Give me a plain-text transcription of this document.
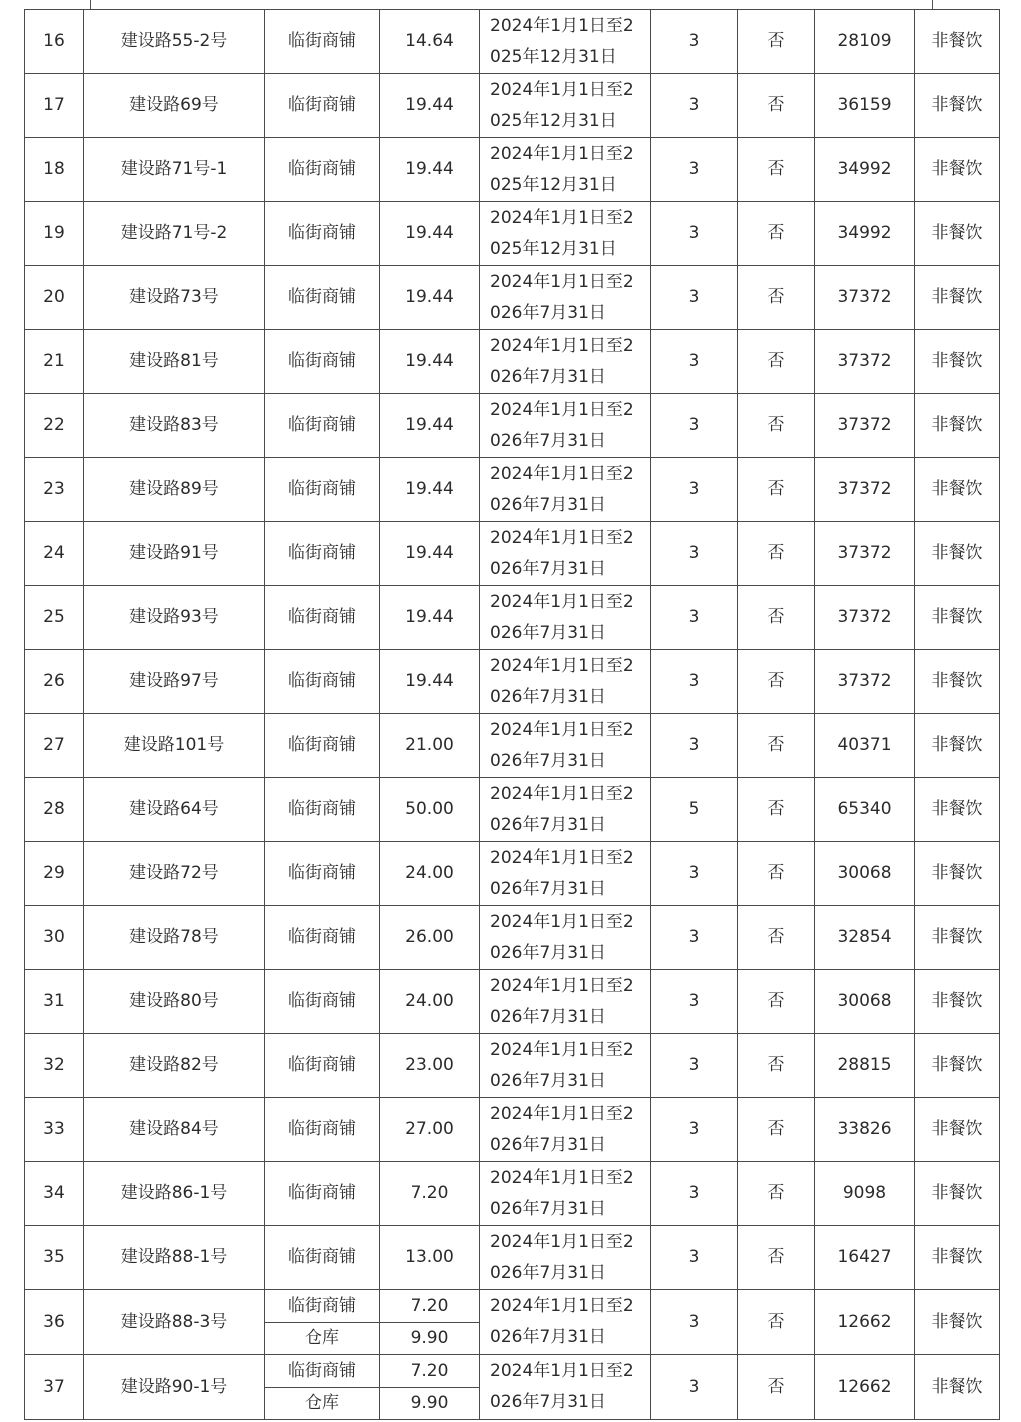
16	建设路55-2号	临街商铺	14.64	2024年1月1日至2
025年12月31日	3	否	28109	非餐饮
17	建设路69号	临街商铺	19.44	2024年1月1日至2
025年12月31日	3	否	36159	非餐饮
18	建设路71号-1	临街商铺	19.44	2024年1月1日至2
025年12月31日	3	否	34992	非餐饮
19	建设路71号-2	临街商铺	19.44	2024年1月1日至2
025年12月31日	3	否	34992	非餐饮
20	建设路73号	临街商铺	19.44	2024年1月1日至2
026年7月31日	3	否	37372	非餐饮
21	建设路81号	临街商铺	19.44	2024年1月1日至2
026年7月31日	3	否	37372	非餐饮
22	建设路83号	临街商铺	19.44	2024年1月1日至2
026年7月31日	3	否	37372	非餐饮
23	建设路89号	临街商铺	19.44	2024年1月1日至2
026年7月31日	3	否	37372	非餐饮
24	建设路91号	临街商铺	19.44	2024年1月1日至2
026年7月31日	3	否	37372	非餐饮
25	建设路93号	临街商铺	19.44	2024年1月1日至2
026年7月31日	3	否	37372	非餐饮
26	建设路97号	临街商铺	19.44	2024年1月1日至2
026年7月31日	3	否	37372	非餐饮
27	建设路101号	临街商铺	21.00	2024年1月1日至2
026年7月31日	3	否	40371	非餐饮
28	建设路64号	临街商铺	50.00	2024年1月1日至2
026年7月31日	5	否	65340	非餐饮
29	建设路72号	临街商铺	24.00	2024年1月1日至2
026年7月31日	3	否	30068	非餐饮
30	建设路78号	临街商铺	26.00	2024年1月1日至2
026年7月31日	3	否	32854	非餐饮
31	建设路80号	临街商铺	24.00	2024年1月1日至2
026年7月31日	3	否	30068	非餐饮
32	建设路82号	临街商铺	23.00	2024年1月1日至2
026年7月31日	3	否	28815	非餐饮
33	建设路84号	临街商铺	27.00	2024年1月1日至2
026年7月31日	3	否	33826	非餐饮
34	建设路86-1号	临街商铺	7.20	2024年1月1日至2
026年7月31日	3	否	9098	非餐饮
35	建设路88-1号	临街商铺	13.00	2024年1月1日至2
026年7月31日	3	否	16427	非餐饮
36	建设路88-3号	临街商铺	7.20	2024年1月1日至2
026年7月31日	3	否	12662	非餐饮
		仓库	9.90					
37	建设路90-1号	临街商铺	7.20	2024年1月1日至2
026年7月31日	3	否	12662	非餐饮
		仓库	9.90					
